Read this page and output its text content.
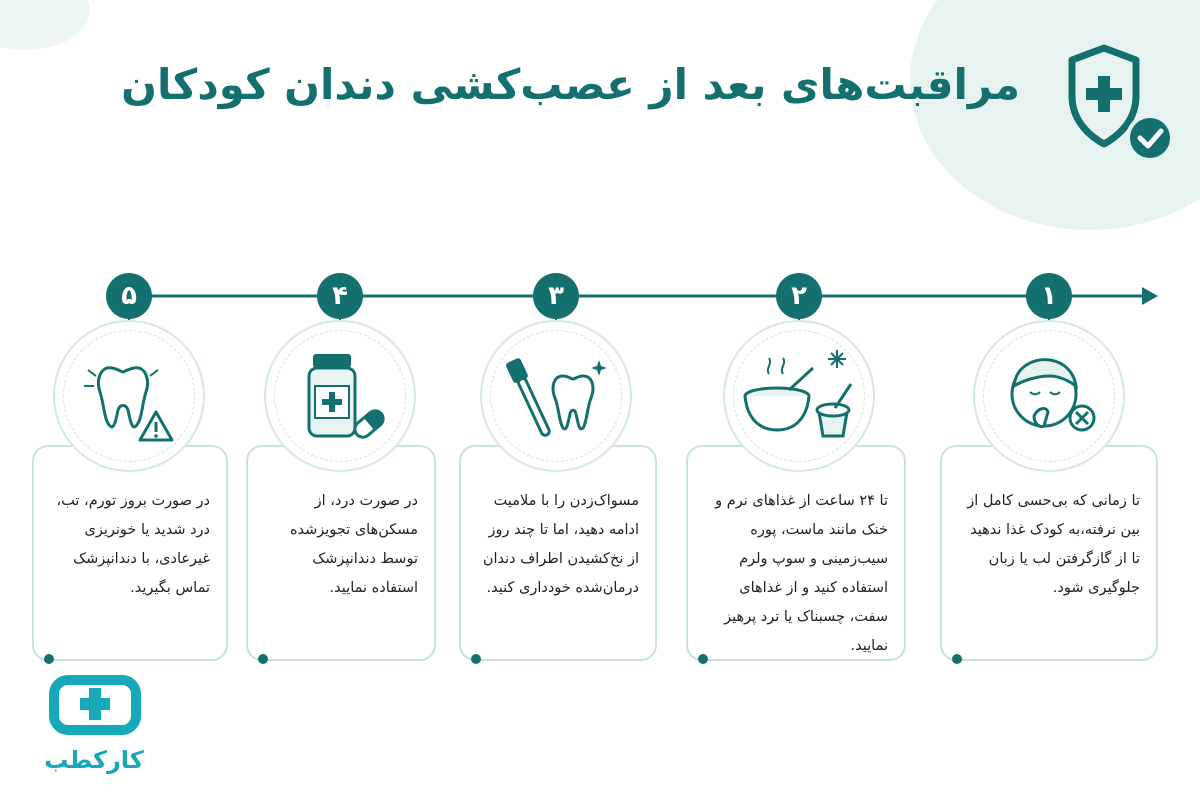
مراقبت‌های بعد از عصب‌کشی دندان کودکان

در صورت بروز تورم، تب، درد شدید یا خونریزی غیرعادی، با دندانپزشک تماس بگیرید.

۵

در صورت درد، از مسکن‌های تجویزشده توسط دندانپزشک استفاده نمایید.

۴

مسواک‌زدن را با ملامیت ادامه دهید، اما تا چند روز از نخ‌کشیدن اطراف دندان درمان‌شده خودداری کنید.

۳

تا ۲۴ ساعت از غذاهای نرم و خنک مانند ماست، پوره سیب‌زمینی و سوپ ولرم استفاده کنید و از غذاهای سفت، چسبناک یا ترد پرهیز نمایید.

۲

تا زمانی که بی‌حسی کامل از بین نرفته،به کودک غذا ندهید تا از گازگرفتن لب یا زبان جلوگیری شود.

۱
کارکطب
